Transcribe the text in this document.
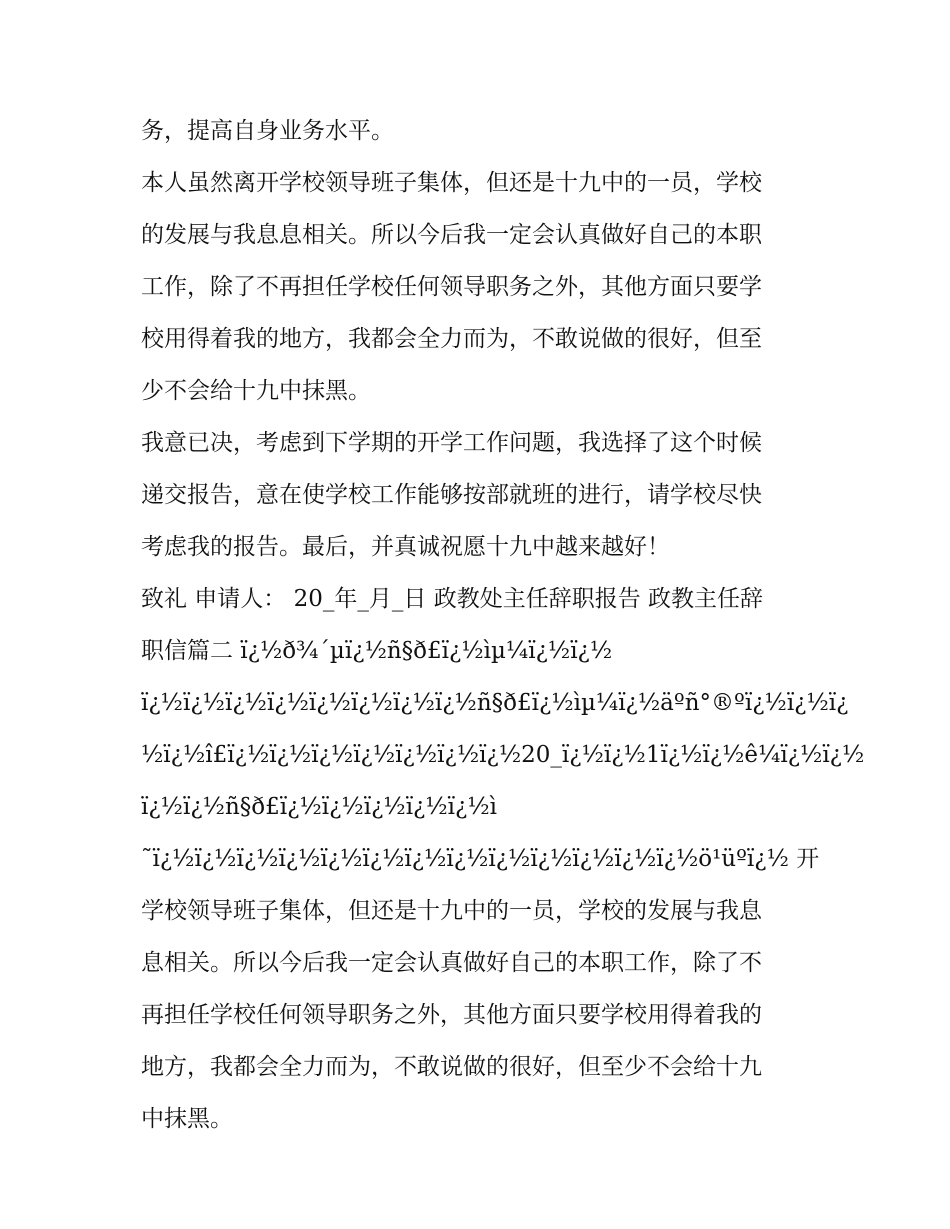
务，提高自身业务水平。
本人虽然离开学校领导班子集体，但还是十九中的一员，学校
的发展与我息息相关。所以今后我一定会认真做好自己的本职
工作，除了不再担任学校任何领导职务之外，其他方面只要学
校用得着我的地方，我都会全力而为，不敢说做的很好，但至
少不会给十九中抹黑。
我意已决，考虑到下学期的开学工作问题，我选择了这个时候
递交报告，意在使学校工作能够按部就班的进行，请学校尽快
考虑我的报告。最后，并真诚祝愿十九中越来越好！
致礼 申请人： 20_年_月_日 政教处主任辞职报告 政教主任辞
职信篇二 ï¿½ð¾´µï¿½ñ§ð£ï¿½ìµ¼ï¿½ï¿½
ï¿½ï¿½ï¿½ï¿½ï¿½ï¿½ï¿½ï¿½ñ§ð£ï¿½ìµ¼ï¿½äºñ°®ºï¿½ï¿½ï¿
½ï¿½î£ï¿½ï¿½ï¿½ï¿½ï¿½ï¿½ï¿½20_ï¿½ï¿½1ï¿½ï¿½ê¼ï¿½ï¿½
ï¿½ï¿½ñ§ð£ï¿½ï¿½ï¿½ï¿½ï¿½ì
˜ï¿½ï¿½ï¿½ï¿½ï¿½ï¿½ï¿½ï¿½ï¿½ï¿½ï¿½ï¿½ï¿½ö¹üºï¿½ 开
学校领导班子集体，但还是十九中的一员，学校的发展与我息
息相关。所以今后我一定会认真做好自己的本职工作，除了不
再担任学校任何领导职务之外，其他方面只要学校用得着我的
地方，我都会全力而为，不敢说做的很好，但至少不会给十九
中抹黑。
